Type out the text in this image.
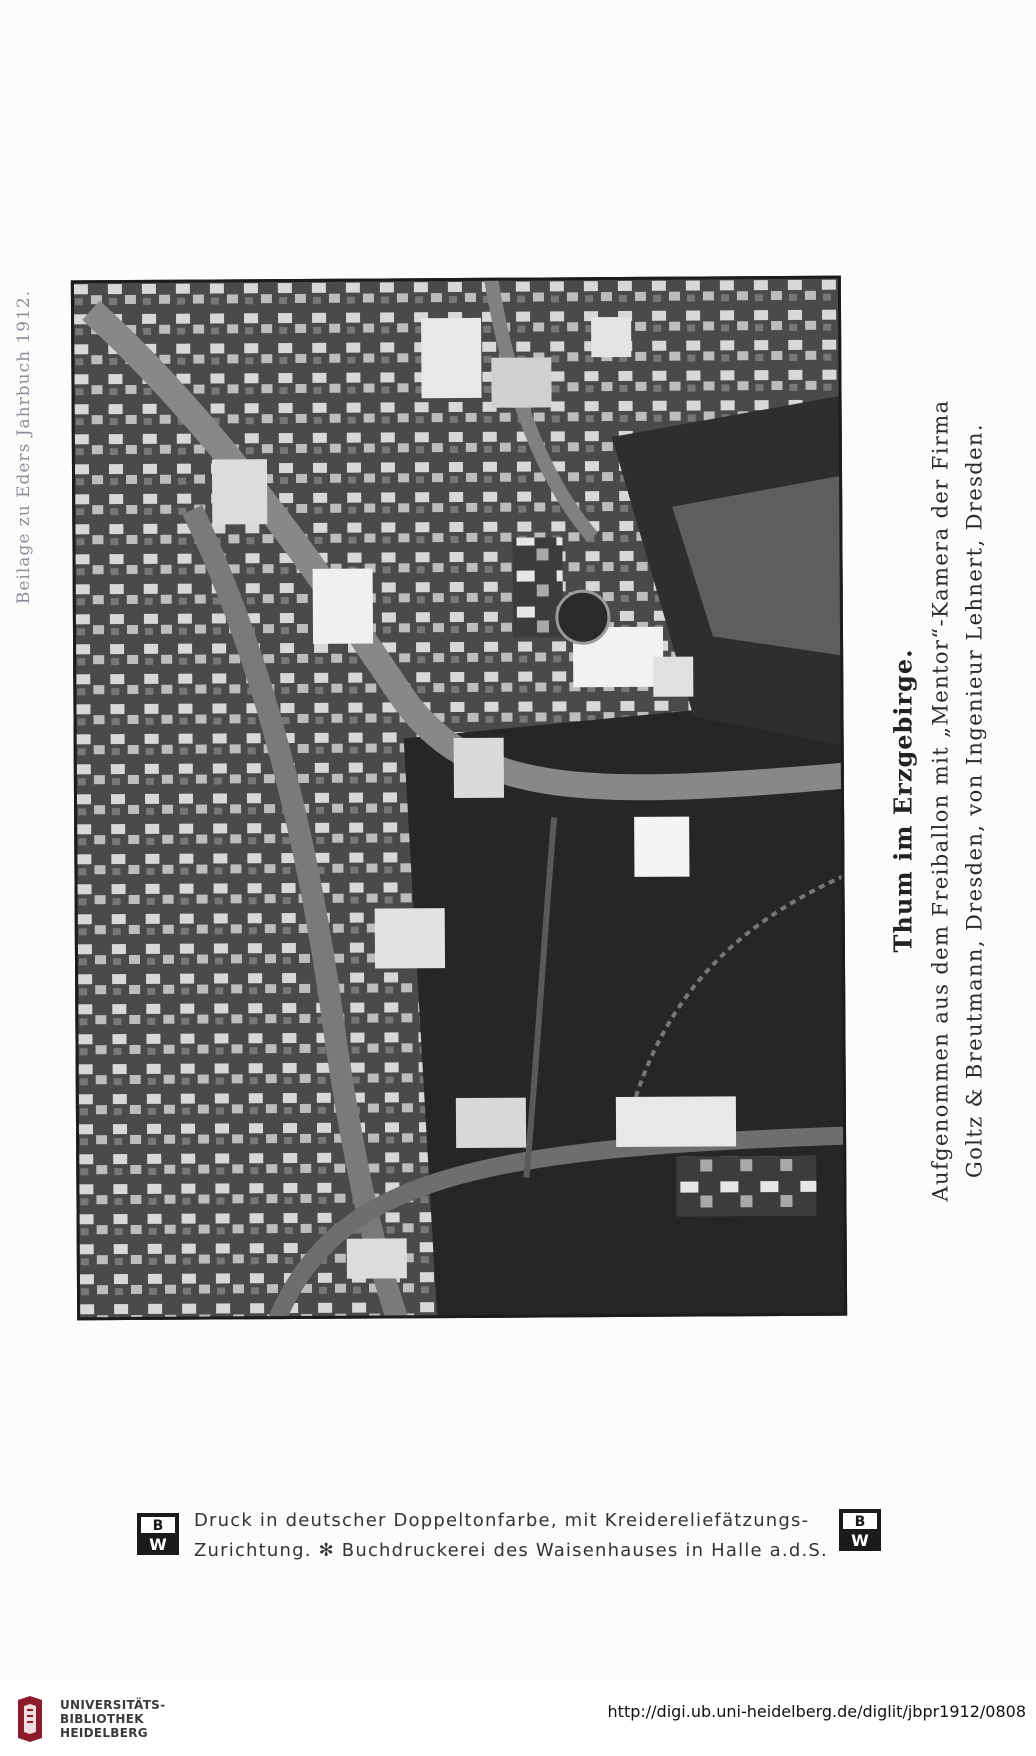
Beilage zu Eders Jahrbuch 1912.
Thum im Erzgebirge. Aufgenommen aus dem Freiballon mit „Mentor“-Kamera der Firma Goltz & Breutmann, Dresden, von Ingenieur Lehnert, Dresden.
B
W
Druck in deutscher Doppeltonfarbe, mit Kreidereliefätzungs-
Zurichtung. ✻ Buchdruckerei des Waisenhauses in Halle a.d.S.
B
W
UNIVERSITÄTS-
BIBLIOTHEK
HEIDELBERG
http://digi.ub.uni-heidelberg.de/diglit/jbpr1912/0808
